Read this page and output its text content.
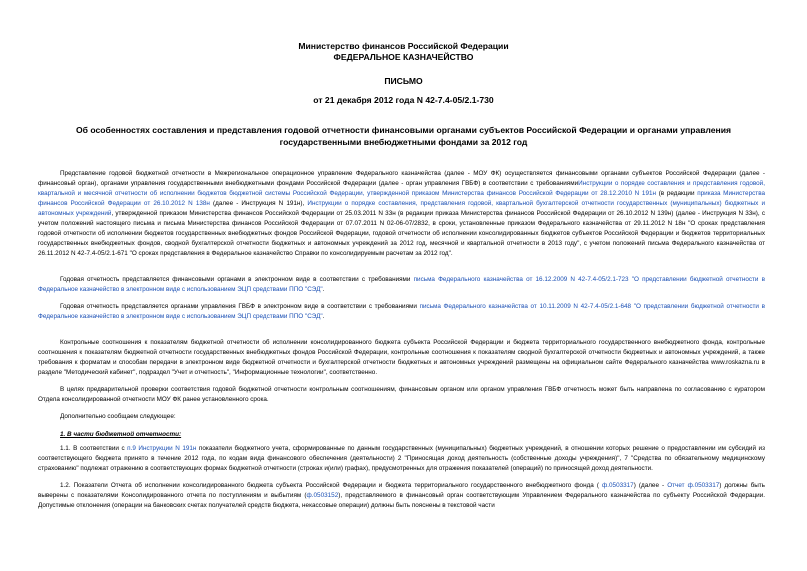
Министерство финансов Российской Федерации
ФЕДЕРАЛЬНОЕ КАЗНАЧЕЙСТВО
ПИСЬМО
от 21 декабря 2012 года N 42-7.4-05/2.1-730
Об особенностях составления и представления годовой отчетности финансовыми органами субъектов Российской Федерации и органами управления государственными внебюджетными фондами за 2012 год

Представление годовой бюджетной отчетности в Межрегиональное операционное управление Федерального казначейства (далее - МОУ ФК) осуществляется финансовыми органами субъектов Российской Федерации (далее - финансовый орган), органами управления государственными внебюджетными фондами Российской Федерации (далее - орган управления ГВБФ) в соответствии с требованиямиИнструкции о порядке составления и представления годовой, квартальной и месячной отчетности об исполнении бюджетов бюджетной системы Российской Федерации, утвержденной приказом Министерства финансов Российской Федерации от 28.12.2010 N 191н (в редакции приказа Министерства финансов Российской Федерации от 26.10.2012 N 138н (далее - Инструкция N 191н), Инструкции о порядке составления, представления годовой, квартальной бухгалтерской отчетности государственных (муниципальных) бюджетных и автономных учреждений, утвержденной приказом Министерства финансов Российской Федерации от 25.03.2011 N 33н (в редакции приказа Министерства финансов Российской Федерации от 26.10.2012 N 139н) (далее - Инструкция N 33н), с учетом положений настоящего письма и письма Министерства финансов Российской Федерации от 07.07.2011 N 02-06-07/2832, в сроки, установленные приказом Федерального казначейства от 29.11.2012 N 18н "О сроках представления годовой отчетности об исполнении бюджетов государственных внебюджетных фондов Российской Федерации, годовой отчетности об исполнении консолидированных бюджетов субъектов Российской Федерации и бюджетов территориальных государственных внебюджетных фондов, сводной бухгалтерской отчетности бюджетных и автономных учреждений за 2012 год, месячной и квартальной отчетности в 2013 году", с учетом положений письма Федерального казначейства от 26.11.2012 N 42-7.4-05/2.1-671 "О сроках представления в Федеральное казначейство Справки по консолидируемым расчетам за 2012 год".

Годовая отчетность представляется финансовыми органами в электронном виде в соответствии с требованиями письма Федерального казначейства от 16.12.2009 N 42-7.4-05/2.1-723 "О представлении бюджетной отчетности в Федеральное казначейство в электронном виде с использованием ЭЦП средствами ППО "СЭД".

Годовая отчетность представляется органами управления ГВБФ в электронном виде в соответствии с требованиями письма Федерального казначейства от 10.11.2009 N 42-7.4-05/2.1-648 "О представлении бюджетной отчетности в Федеральное казначейство в электронном виде с использованием ЭЦП средствами ППО "СЭД".

Контрольные соотношения к показателям бюджетной отчетности об исполнении консолидированного бюджета субъекта Российской Федерации и бюджета территориального государственного внебюджетного фонда, контрольные соотношения к показателям бюджетной отчетности государственных внебюджетных фондов Российской Федерации, контрольные соотношения к показателям сводной бухгалтерской отчетности бюджетных и автономных учреждений, а также требования к форматам и способам передачи в электронном виде бюджетной отчетности и бухгалтерской отчетности бюджетных и автономных учреждений размещены на официальном сайте Федерального казначейства www.roskazna.ru в разделе "Методический кабинет", подраздел "Учет и отчетность", "Информационные технологии", соответственно.

В целях предварительной проверки соответствия годовой бюджетной отчетности контрольным соотношениям, финансовым органом или органом управления ГВБФ отчетность может быть направлена по согласованию с куратором Отдела консолидированной отчетности МОУ ФК ранее установленного срока.

Дополнительно сообщаем следующее:

1. В части бюджетной отчетности:

1.1. В соответствии с п.9 Инструкции N 191н показатели бюджетного учета, сформированные по данным государственных (муниципальных) бюджетных учреждений, в отношении которых решение о предоставлении им субсидий из соответствующего бюджета принято в течение 2012 года, по кодам вида финансового обеспечения (деятельности) 2 "Приносящая доход деятельность (собственные доходы учреждения)", 7 "Средства по обязательному медицинскому страхованию" подлежат отражению в соответствующих формах бюджетной отчетности (строках и(или) графах), предусмотренных для отражения показателей (операций) по приносящей доход деятельности.

1.2. Показатели Отчета об исполнении консолидированного бюджета субъекта Российской Федерации и бюджета территориального государственного внебюджетного фонда ( ф.0503317) (далее - Отчет ф.0503317) должны быть выверены с показателями Консолидированного отчета по поступлениям и выбытиям (ф.0503152), представляемого в финансовый орган соответствующим Управлением Федерального казначейства по субъекту Российской Федерации. Допустимые отклонения (операции на банковских счетах получателей средств бюджета, некассовые операции) должны быть пояснены в текстовой части
